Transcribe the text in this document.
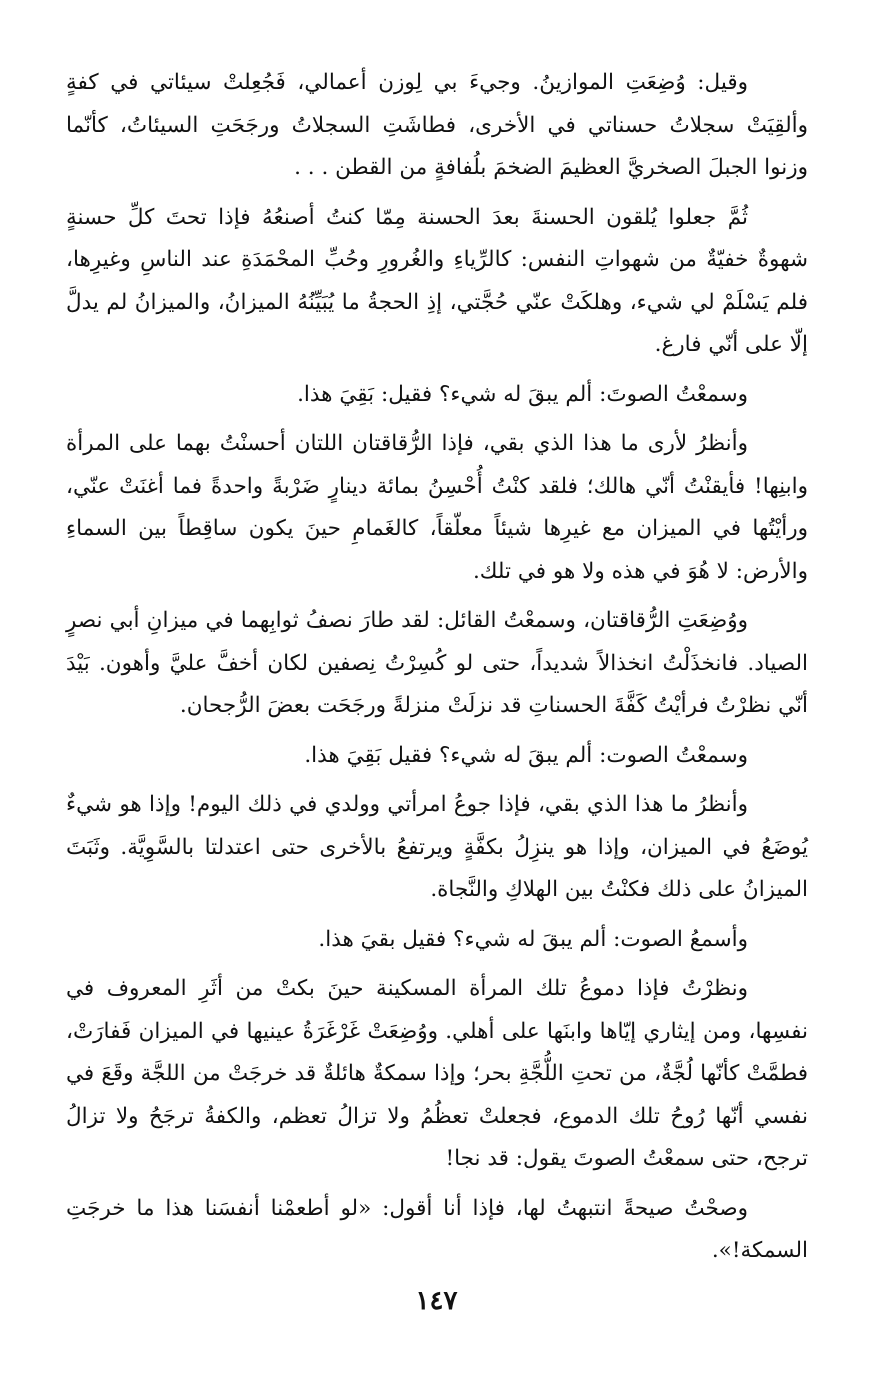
وقيل: وُضِعَتِ الموازينُ. وجيءَ بي لِوزن أعمالي، فَجُعِلتْ سيئاتي في كفةٍ وألقِيَتْ سجلاتُ حسناتي في الأخرى، فطاشَتِ السجلاتُ ورجَحَتِ السيئاتُ، كأنّما وزنوا الجبلَ الصخريَّ العظيمَ الضخمَ بلُفافةٍ من القطن . . .

ثُمَّ جعلوا يُلقون الحسنةَ بعدَ الحسنة مِمّا كنتُ أصنعُهُ فإذا تحتَ كلِّ حسنةٍ شهوةٌ خفيّةٌ من شهواتِ النفس: كالرِّياءِ والغُرورِ وحُبِّ المحْمَدَةِ عند الناسِ وغيرِها، فلم يَسْلَمْ لي شيء، وهلكَتْ عنّي حُجَّتي، إذِ الحجةُ ما يُبَيِّنُهُ الميزانُ، والميزانُ لم يدلَّ إلّا على أنّي فارغ.

وسمعْتُ الصوتَ: ألم يبقَ له شيء؟ فقيل: بَقِيَ هذا.

وأنظرُ لأرى ما هذا الذي بقي، فإذا الرُّقاقتان اللتان أحسنْتُ بهما على المرأة وابنِها! فأيقنْتُ أنّي هالك؛ فلقد كنْتُ أُحْسِنُ بمائة دينارٍ ضَرْبةً واحدةً فما أغنَتْ عنّي، ورأيْتُها في الميزان مع غيرِها شيئاً معلّقاً، كالغَمامِ حينَ يكون ساقِطاً بين السماءِ والأرض: لا هُوَ في هذه ولا هو في تلك.

ووُضِعَتِ الرُّقاقتان، وسمعْتُ القائل: لقد طارَ نصفُ ثوابِهما في ميزانِ أبي نصرٍ الصياد. فانخذَلْتُ انخذالاً شديداً، حتى لو كُسِرْتُ نِصفين لكان أخفَّ عليَّ وأهون. بَيْدَ أنّي نظرْتُ فرأيْتُ كَفَّةَ الحسناتِ قد نزلَتْ منزلةً ورجَحَت بعضَ الرُّجحان.

وسمعْتُ الصوت: ألم يبقَ له شيء؟ فقيل بَقِيَ هذا.

وأنظرُ ما هذا الذي بقي، فإذا جوعُ امرأتي وولدي في ذلك اليوم! وإذا هو شيءٌ يُوضَعُ في الميزان، وإذا هو ينزِلُ بكفَّةٍ ويرتفعُ بالأخرى حتى اعتدلتا بالسَّوِيَّة. وثَبَتَ الميزانُ على ذلك فكنْتُ بين الهلاكِ والنَّجاة.

وأسمعُ الصوت: ألم يبقَ له شيء؟ فقيل بقيَ هذا.

ونظرْتُ فإذا دموعُ تلك المرأة المسكينة حينَ بكتْ من أثَرِ المعروف في نفسِها، ومن إيثاري إيّاها وابنَها على أهلي. ووُضِعَتْ غَرْغَرَةُ عينيها في الميزان فَفارَتْ، فطمَّتْ كأنّها لُجَّةٌ، من تحتِ اللُّجَّةِ بحر؛ وإذا سمكةٌ هائلةٌ قد خرجَتْ من اللجَّة وقَعَ في نفسي أنّها رُوحُ تلك الدموع، فجعلتْ تعظُمُ ولا تزالُ تعظم، والكفةُ ترجَحُ ولا تزالُ ترجح، حتى سمعْتُ الصوتَ يقول: قد نجا!

وصحْتُ صيحةً انتبهتُ لها، فإذا أنا أقول: «لو أطعمْنا أنفسَنا هذا ما خرجَتِ السمكة!».

١٤٧
